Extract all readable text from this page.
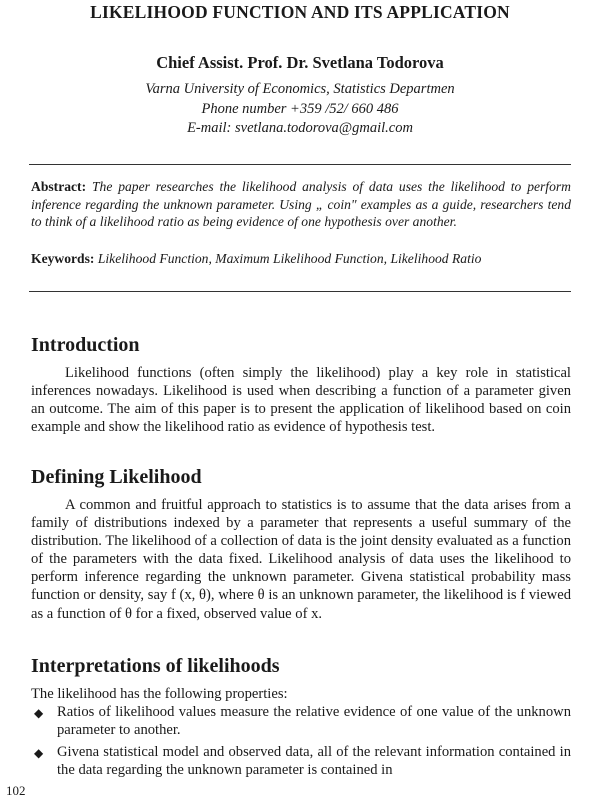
LIKELIHOOD FUNCTION AND ITS APPLICATION
Chief Assist. Prof. Dr. Svetlana Todorova
Varna University of Economics, Statistics Departmen
Phone number +359 /52/ 660 486
E-mail: svetlana.todorova@gmail.com
Abstract: The paper researches the likelihood analysis of data uses the likelihood to perform inference regarding the unknown parameter. Using „ coin" examples as a guide, researchers tend to think of a likelihood ratio as being evidence of one hypothesis over another.
Keywords: Likelihood Function, Maximum Likelihood Function, Likelihood Ratio
Introduction
Likelihood functions (often simply the likelihood) play a key role in statistical inferences nowadays. Likelihood is used when describing a function of a parameter given an outcome. The aim of this paper is to present the application of likelihood based on coin example and show the likelihood ratio as evidence of hypothesis test.
Defining Likelihood
A common and fruitful approach to statistics is to assume that the data arises from a family of distributions indexed by a parameter that represents a useful summary of the distribution. The likelihood of a collection of data is the joint density evaluated as a function of the parameters with the data fixed. Likelihood analysis of data uses the likelihood to perform inference regarding the unknown parameter. Givena statistical probability mass function or density, say f (x, θ), where θ is an unknown parameter, the likelihood is f viewed as a function of θ for a fixed, observed value of x.
Interpretations of likelihoods
The likelihood has the following properties:
◆ Ratios of likelihood values measure the relative evidence of one value of the unknown parameter to another.
◆ Givena statistical model and observed data, all of the relevant information contained in the data regarding the unknown parameter is contained in
102
